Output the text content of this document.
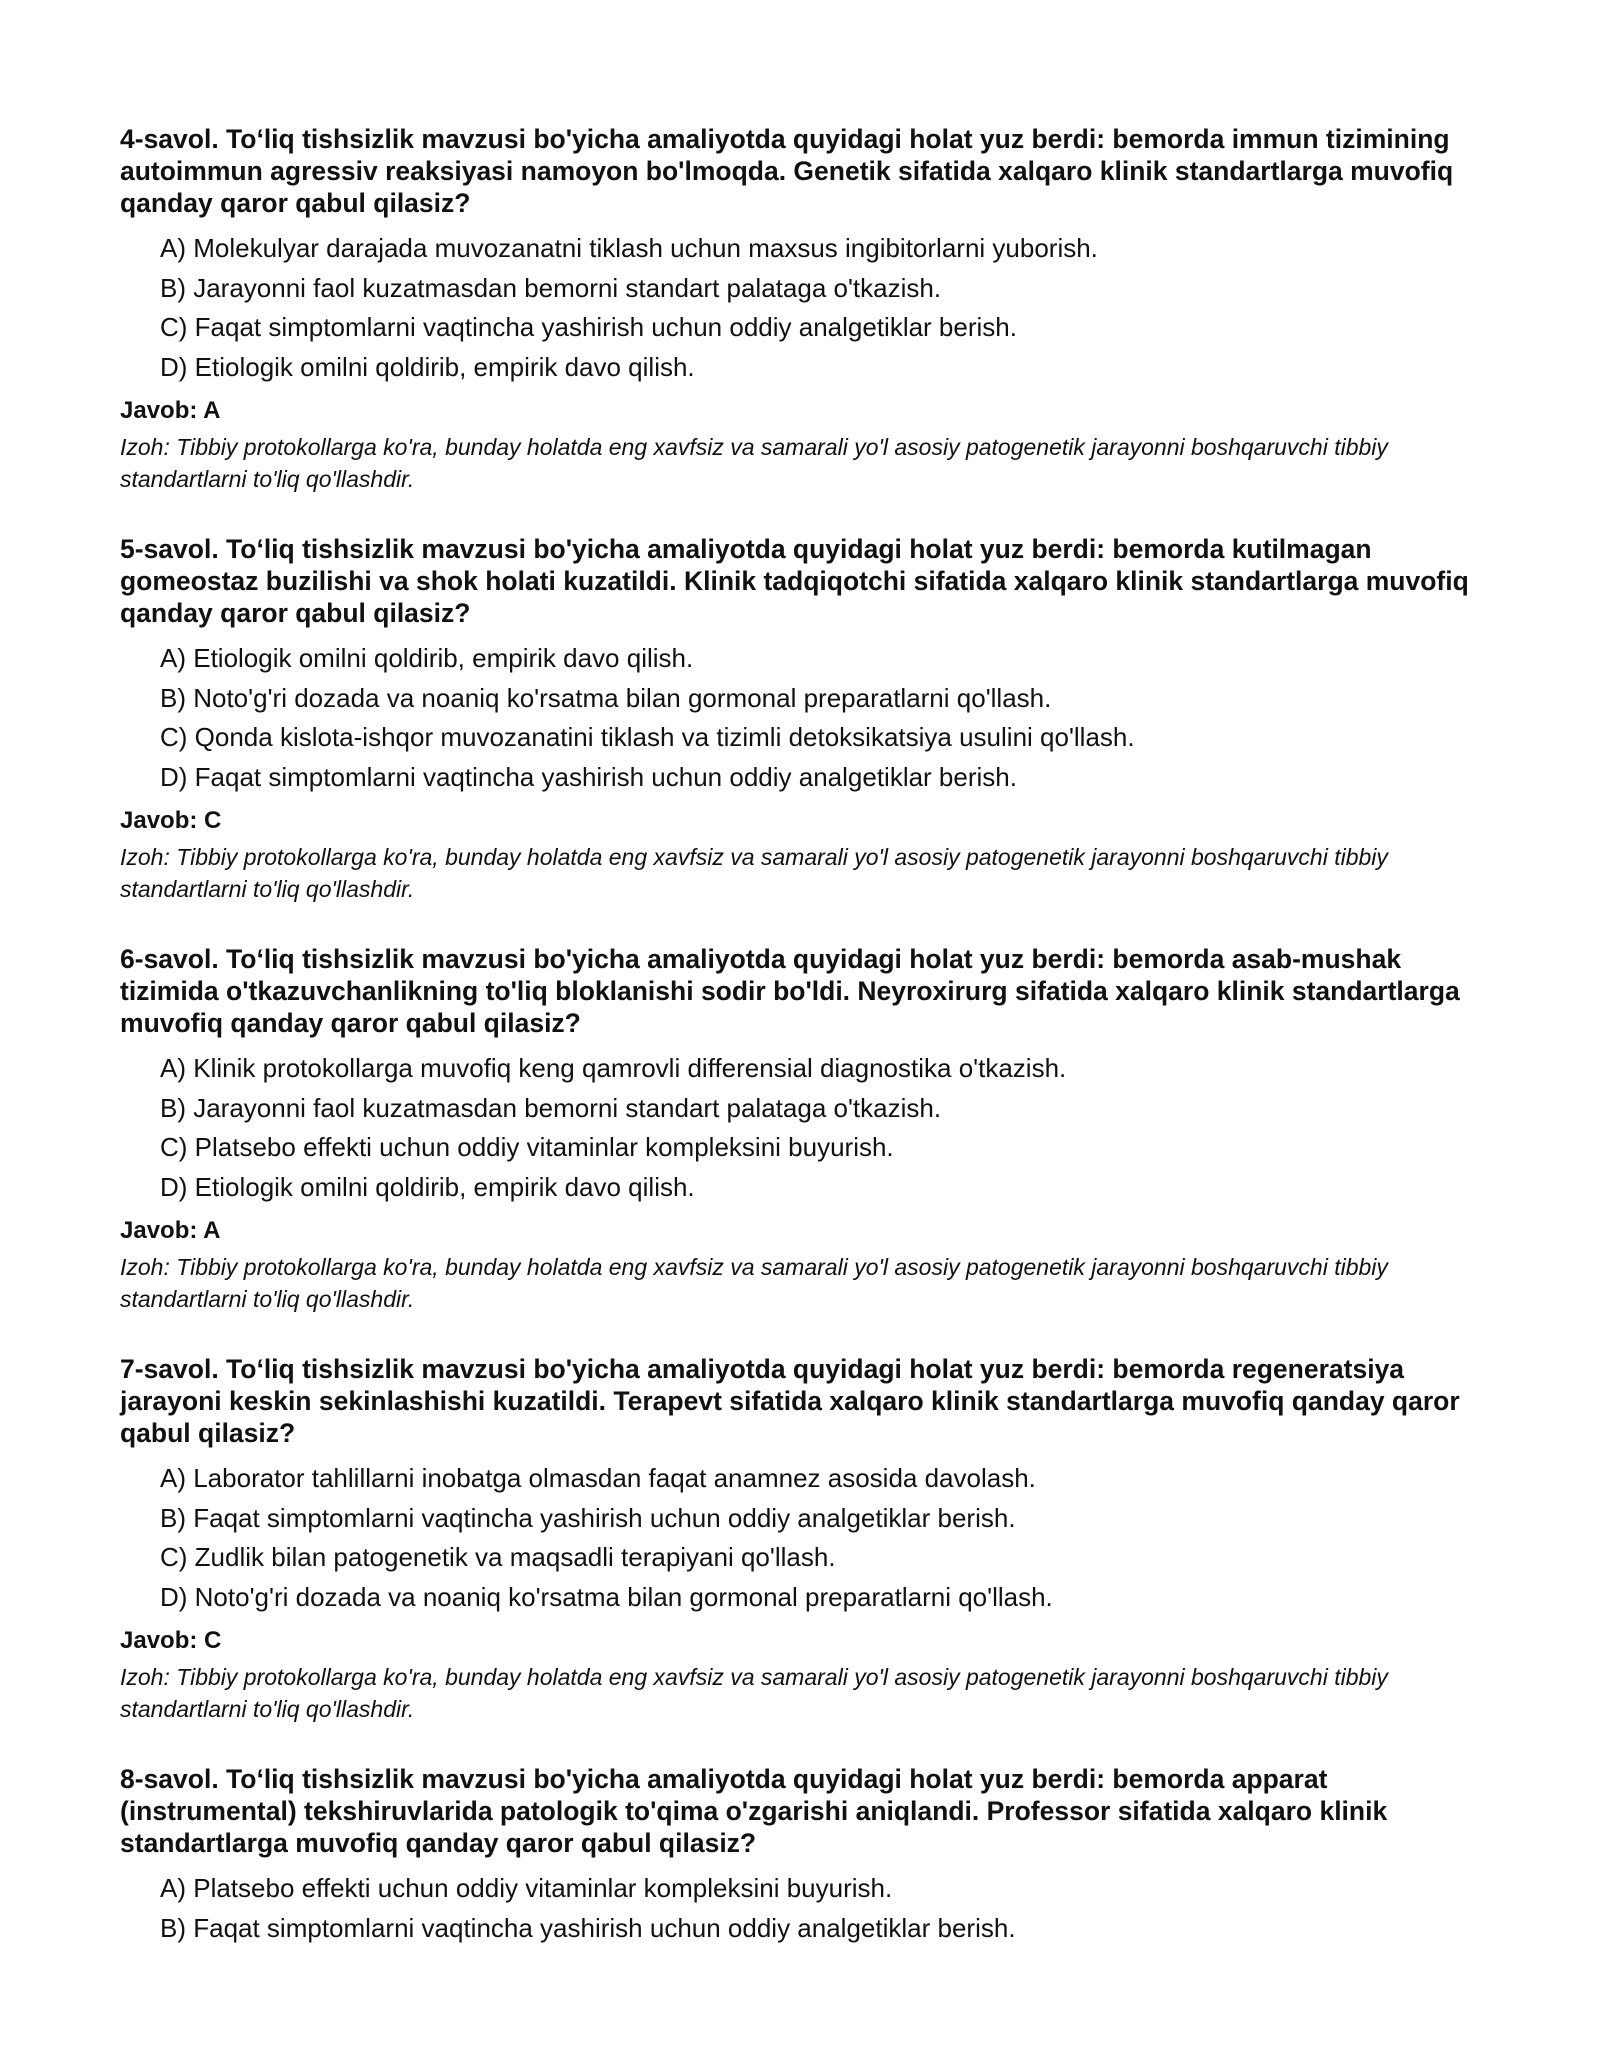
4-savol. To‘liq tishsizlik mavzusi bo'yicha amaliyotda quyidagi holat yuz berdi: bemorda immun tizimining autoimmun agressiv reaksiyasi namoyon bo'lmoqda. Genetik sifatida xalqaro klinik standartlarga muvofiq qanday qaror qabul qilasiz?

A) Molekulyar darajada muvozanatni tiklash uchun maxsus ingibitorlarni yuborish.
B) Jarayonni faol kuzatmasdan bemorni standart palataga o'tkazish.
C) Faqat simptomlarni vaqtincha yashirish uchun oddiy analgetiklar berish.
D) Etiologik omilni qoldirib, empirik davo qilish.

Javob: A

Izoh: Tibbiy protokollarga ko'ra, bunday holatda eng xavfsiz va samarali yo'l asosiy patogenetik jarayonni boshqaruvchi tibbiy standartlarni to'liq qo'llashdir.

5-savol. To‘liq tishsizlik mavzusi bo'yicha amaliyotda quyidagi holat yuz berdi: bemorda kutilmagan gomeostaz buzilishi va shok holati kuzatildi. Klinik tadqiqotchi sifatida xalqaro klinik standartlarga muvofiq qanday qaror qabul qilasiz?

A) Etiologik omilni qoldirib, empirik davo qilish.
B) Noto'g'ri dozada va noaniq ko'rsatma bilan gormonal preparatlarni qo'llash.
C) Qonda kislota-ishqor muvozanatini tiklash va tizimli detoksikatsiya usulini qo'llash.
D) Faqat simptomlarni vaqtincha yashirish uchun oddiy analgetiklar berish.

Javob: C

Izoh: Tibbiy protokollarga ko'ra, bunday holatda eng xavfsiz va samarali yo'l asosiy patogenetik jarayonni boshqaruvchi tibbiy standartlarni to'liq qo'llashdir.

6-savol. To‘liq tishsizlik mavzusi bo'yicha amaliyotda quyidagi holat yuz berdi: bemorda asab-mushak tizimida o'tkazuvchanlikning to'liq bloklanishi sodir bo'ldi. Neyroxirurg sifatida xalqaro klinik standartlarga muvofiq qanday qaror qabul qilasiz?

A) Klinik protokollarga muvofiq keng qamrovli differensial diagnostika o'tkazish.
B) Jarayonni faol kuzatmasdan bemorni standart palataga o'tkazish.
C) Platsebo effekti uchun oddiy vitaminlar kompleksini buyurish.
D) Etiologik omilni qoldirib, empirik davo qilish.

Javob: A

Izoh: Tibbiy protokollarga ko'ra, bunday holatda eng xavfsiz va samarali yo'l asosiy patogenetik jarayonni boshqaruvchi tibbiy standartlarni to'liq qo'llashdir.

7-savol. To‘liq tishsizlik mavzusi bo'yicha amaliyotda quyidagi holat yuz berdi: bemorda regeneratsiya jarayoni keskin sekinlashishi kuzatildi. Terapevt sifatida xalqaro klinik standartlarga muvofiq qanday qaror qabul qilasiz?

A) Laborator tahlillarni inobatga olmasdan faqat anamnez asosida davolash.
B) Faqat simptomlarni vaqtincha yashirish uchun oddiy analgetiklar berish.
C) Zudlik bilan patogenetik va maqsadli terapiyani qo'llash.
D) Noto'g'ri dozada va noaniq ko'rsatma bilan gormonal preparatlarni qo'llash.

Javob: C

Izoh: Tibbiy protokollarga ko'ra, bunday holatda eng xavfsiz va samarali yo'l asosiy patogenetik jarayonni boshqaruvchi tibbiy standartlarni to'liq qo'llashdir.

8-savol. To‘liq tishsizlik mavzusi bo'yicha amaliyotda quyidagi holat yuz berdi: bemorda apparat (instrumental) tekshiruvlarida patologik to'qima o'zgarishi aniqlandi. Professor sifatida xalqaro klinik standartlarga muvofiq qanday qaror qabul qilasiz?

A) Platsebo effekti uchun oddiy vitaminlar kompleksini buyurish.
B) Faqat simptomlarni vaqtincha yashirish uchun oddiy analgetiklar berish.
